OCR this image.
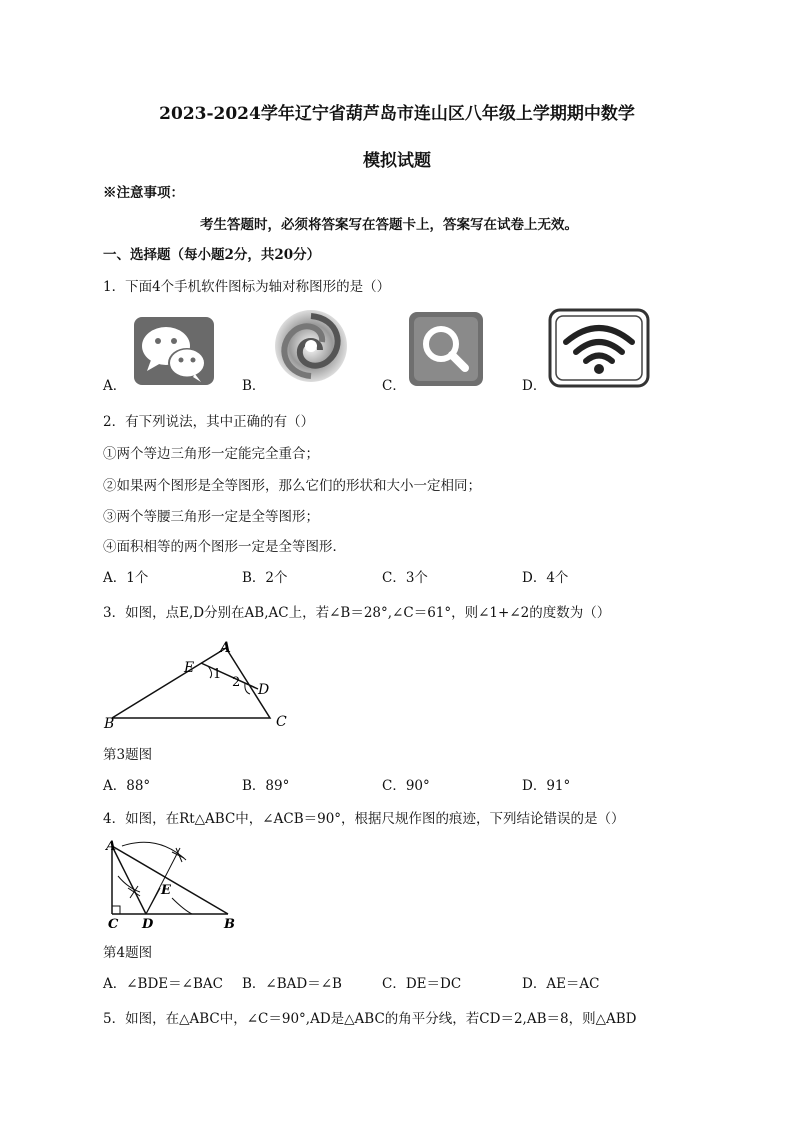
2023-2024学年辽宁省葫芦岛市连山区八年级上学期期中数学
模拟试题
※注意事项：
考生答题时，必须将答案写在答题卡上，答案写在试卷上无效。
一、选择题（每小题2分，共20分）
1．下面4个手机软件图标为轴对称图形的是（）
A．	B．	C．	D．
2．有下列说法，其中正确的有（）
①两个等边三角形一定能完全重合；
②如果两个图形是全等图形，那么它们的形状和大小一定相同；
③两个等腰三角形一定是全等图形；
④面积相等的两个图形一定是全等图形．
A．1个	B．2个	C．3个	D．4个
3．如图，点E,D分别在AB,AC上，若∠B＝28°,∠C＝61°，则∠1+∠2的度数为（）
A
E
D
B	C
1
2
第3题图
A．88°	B．89°	C．90°	D．91°
4．如图，在Rt△ABC中，∠ACB＝90°，根据尺规作图的痕迹，下列结论错误的是（）
A
E
C D	B
第4题图
A．∠BDE＝∠BAC B．∠BAD＝∠B	C．DE＝DC	D．AE＝AC
5．如图，在△ABC中，∠C＝90°,AD是△ABC的角平分线，若CD＝2,AB＝8，则△ABD
